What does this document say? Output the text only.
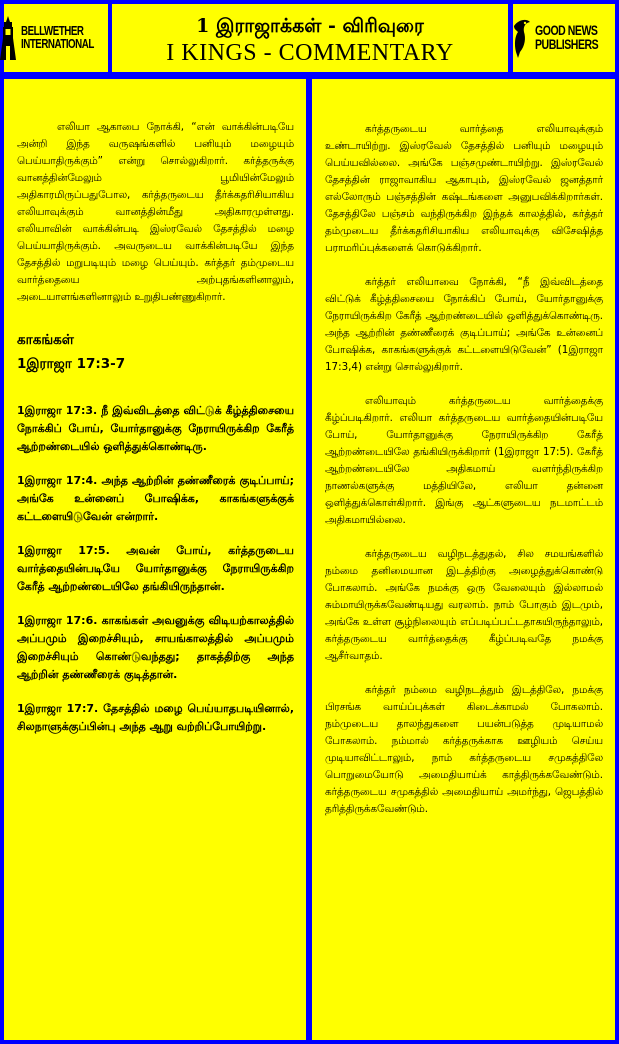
BELLWETHER
INTERNATIONAL
1 இராஜாக்கள் - விரிவுரை
I KINGS - COMMENTARY
GOOD NEWS
PUBLISHERS

எலியா ஆகாபை நோக்கி, “என் வாக்கின்படியே அன்றி இந்த வருஷங்களில் பனியும் மழையும் பெய்யாதிருக்கும்” என்று சொல்லுகிறார். கர்த்தருக்கு வானத்தின்மேலும் பூமியின்மேலும் அதிகாரமிருப்பதுபோல, கர்த்தருடைய தீர்க்கதரிசியாகிய எலியாவுக்கும் வானத்தின்மீது அதிகாரமுள்ளது. எலியாவின் வாக்கின்படி இஸ்ரவேல் தேசத்தில் மழை பெய்யாதிருக்கும். அவருடைய வாக்கின்படியே இந்த தேசத்தில் மறுபடியும் மழை பெய்யும். கர்த்தர் தம்முடைய வார்த்தையை அற்புதங்களினாலும், அடையாளங்களினாலும் உறுதிபண்ணுகிறார்.

காகங்கள்

1இராஜா 17:3-7

1இராஜா 17:3. நீ இவ்விடத்தை விட்டுக் கீழ்த்திசையை நோக்கிப் போய், யோர்தானுக்கு நேராயிருக்கிற கேரீத் ஆற்றண்டையில் ஒளித்துக்கொண்டிரு.

1இராஜா 17:4. அந்த ஆற்றின் தண்ணீரைக் குடிப்பாய்; அங்கே உன்னைப் போஷிக்க, காகங்களுக்குக் கட்டளையிடுவேன் என்றார்.

1இராஜா 17:5. அவன் போய், கர்த்தருடைய வார்த்தையின்படியே யோர்தானுக்கு நேராயிருக்கிற கேரீத் ஆற்றண்டையிலே தங்கியிருந்தான்.

1இராஜா 17:6. காகங்கள் அவனுக்கு விடியற்காலத்தில் அப்பமும் இறைச்சியும், சாயங்காலத்தில் அப்பமும் இறைச்சியும் கொண்டுவந்தது; தாகத்திற்கு அந்த ஆற்றின் தண்ணீரைக் குடித்தான்.

1இராஜா 17:7. தேசத்தில் மழை பெய்யாதபடியினால், சிலநாளுக்குப்பின்பு அந்த ஆறு வற்றிப்போயிற்று.

கர்த்தருடைய வார்த்தை எலியாவுக்கும் உண்டாயிற்று. இஸ்ரவேல் தேசத்தில் பனியும் மழையும் பெய்யவில்லை. அங்கே பஞ்சமுண்டாயிற்று. இஸ்ரவேல் தேசத்தின் ராஜாவாகிய ஆகாபும், இஸ்ரவேல் ஜனத்தார் எல்லோரும் பஞ்சத்தின் கஷ்டங்களை அனுபவிக்கிறார்கள். தேசத்திலே பஞ்சம் வந்திருக்கிற இந்தக் காலத்தில், கர்த்தர் தம்முடைய தீர்க்கதரிசியாகிய எலியாவுக்கு விசேஷித்த பராமரிப்புக்களைக் கொடுக்கிறார்.

கர்த்தர் எலியாவை நோக்கி, “நீ இவ்விடத்தை விட்டுக் கீழ்த்திசையை நோக்கிப் போய், யோர்தானுக்கு நேராயிருக்கிற கேரீத் ஆற்றண்டையில் ஒளித்துக்கொண்டிரு. அந்த ஆற்றின் தண்ணீரைக் குடிப்பாய்; அங்கே உன்னைப் போஷிக்க, காகங்களுக்குக் கட்டளையிடுவேன்” (1இராஜா 17:3,4) என்று சொல்லுகிறார்.

எலியாவும் கர்த்தருடைய வார்த்தைக்கு கீழ்ப்படிகிறார். எலியா கர்த்தருடைய வார்த்தையின்படியே போய், யோர்தானுக்கு நேராயிருக்கிற கேரீத் ஆற்றண்டையிலே தங்கியிருக்கிறார் (1இராஜா 17:5). கேரீத் ஆற்றண்டையிலே அதிகமாய் வளர்ந்திருக்கிற நாணல்களுக்கு மத்தியிலே, எலியா தன்னை ஒளித்துக்கொள்கிறார். இங்கு ஆட்களுடைய நடமாட்டம் அதிகமாயில்லை.

கர்த்தருடைய வழிநடத்துதல், சில சமயங்களில் நம்மை தனிமையான இடத்திற்கு அழைத்துக்கொண்டு போகலாம். அங்கே நமக்கு ஒரு வேலையும் இல்லாமல் சும்மாயிருக்கவேண்டியது வரலாம். நாம் போகும் இடமும், அங்கே உள்ள சூழ்நிலையும் எப்படிப்பட்டதாகயிருந்தாலும், கர்த்தருடைய வார்த்தைக்கு கீழ்ப்படிவதே நமக்கு ஆசீர்வாதம்.

கர்த்தர் நம்மை வழிநடத்தும் இடத்திலே, நமக்கு பிரசங்க வாய்ப்புக்கள் கிடைக்காமல் போகலாம். நம்முடைய தாலந்துகளை பயன்படுத்த முடியாமல் போகலாம். நம்மால் கர்த்தருக்காக ஊழியம் செய்ய முடியாவிட்டாலும், நாம் கர்த்தருடைய சமுகத்திலே பொறுமையோடு அமைதியாய்க் காத்திருக்கவேண்டும். கர்த்தருடைய சமுகத்தில் அமைதியாய் அமர்ந்து, ஜெபத்தில் தரித்திருக்கவேண்டும்.
